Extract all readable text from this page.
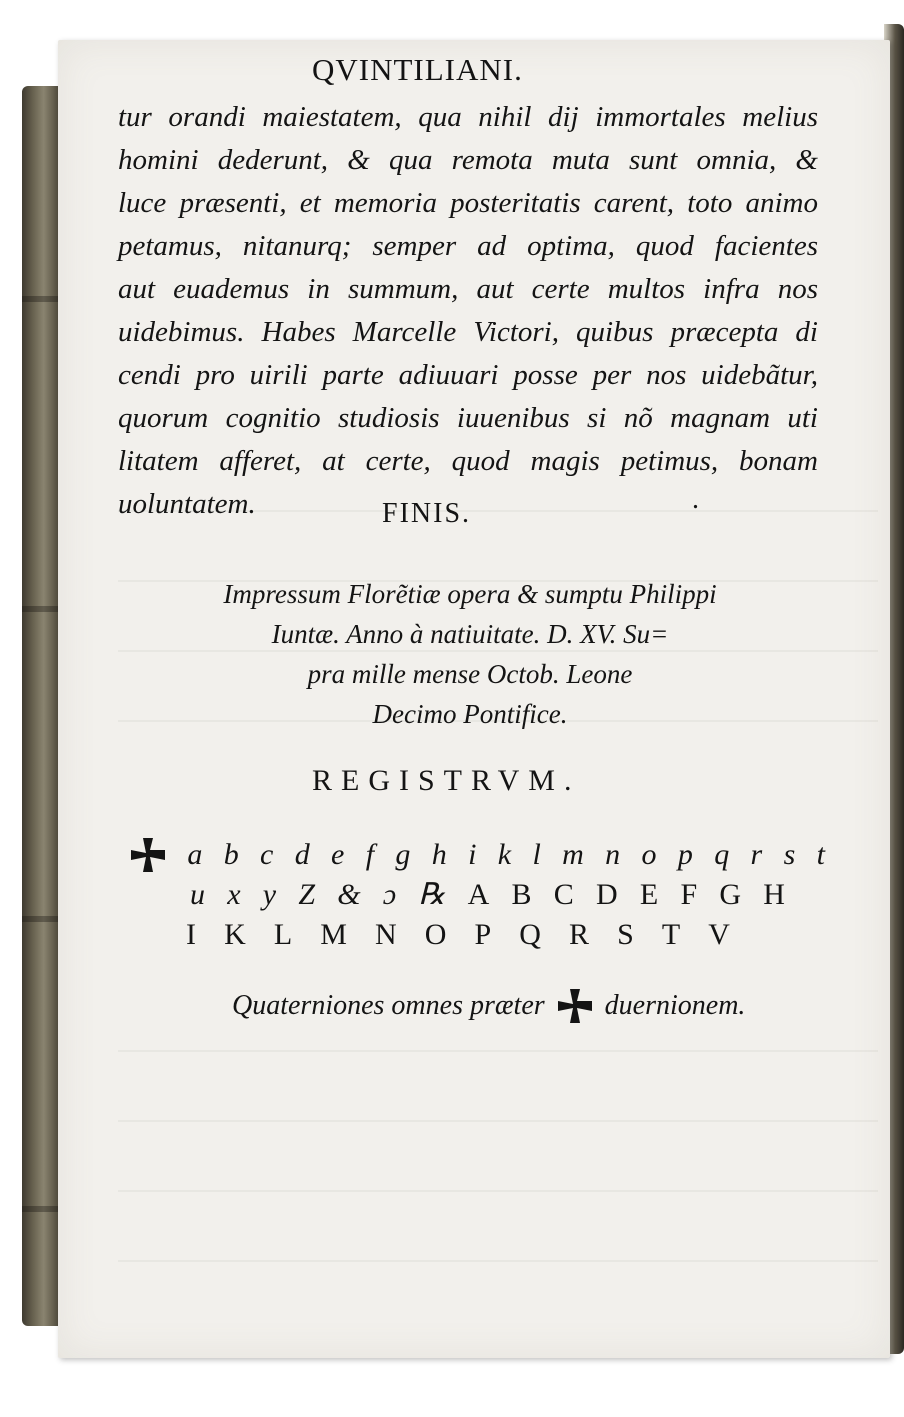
QVINTILIANI.
tur orandi maiestatem, qua nihil dij immortales melius
homini dederunt, & qua remota muta sunt omnia, &
luce præsenti, et memoria posteritatis carent, toto animo
petamus, nitanurq; semper ad optima, quod facientes
aut euademus in summum, aut certe multos infra nos
uidebimus. Habes Marcelle Victori, quibus præcepta di
cendi pro uirili parte adiuuari posse per nos uidebãtur,
quorum cognitio studiosis iuuenibus si nõ magnam uti
litatem afferet, at certe, quod magis petimus, bonam
uoluntatem.	FINIS.	.
Impressum Florẽtiæ opera & sumptu Philippi
Iuntæ. Anno à natiuitate. D. XV. Su=
pra mille mense Octob. Leone
Decimo Pontifice.
REGISTRVM.
a b c d e f g h i k l m n o p q r s t
u x y Z & ɔ ℞ A B C D E F G H
I K L M N O P Q R S T V
Quaterniones omnes præter duernionem.
